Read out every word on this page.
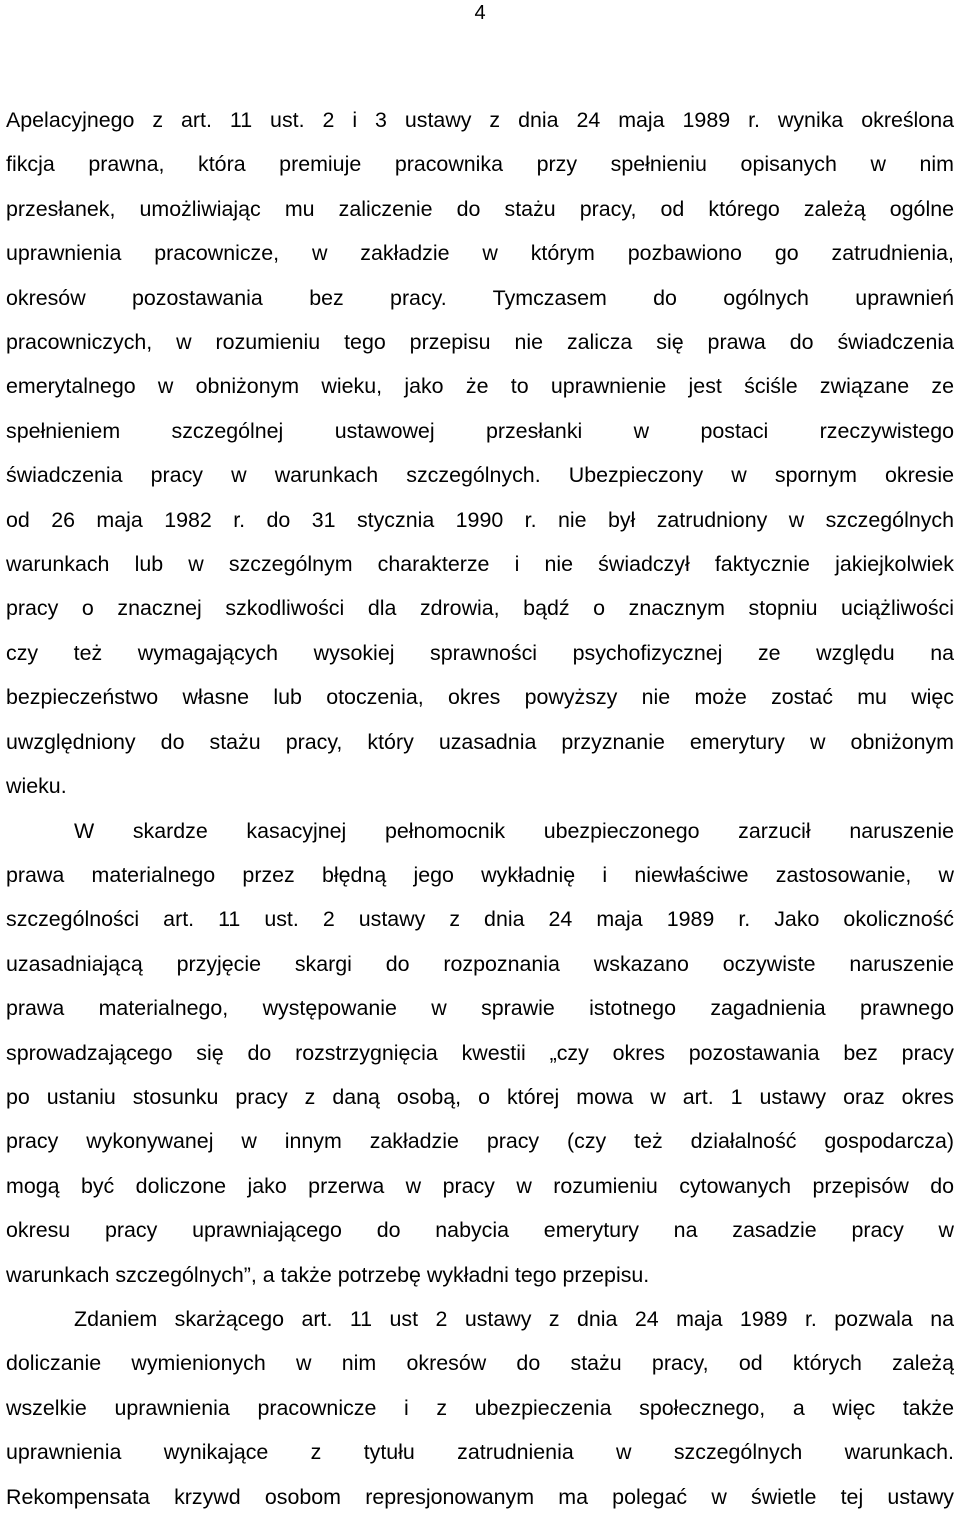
4

Apelacyjnego z art. 11 ust. 2 i 3 ustawy z dnia 24 maja 1989 r. wynika określona

fikcja prawna, która premiuje pracownika przy spełnieniu opisanych w nim

przesłanek, umożliwiając mu zaliczenie do stażu pracy, od którego zależą ogólne

uprawnienia pracownicze, w zakładzie w którym pozbawiono go zatrudnienia,

okresów pozostawania bez pracy. Tymczasem do ogólnych uprawnień

pracowniczych, w rozumieniu tego przepisu nie zalicza się prawa do świadczenia

emerytalnego w obniżonym wieku, jako że to uprawnienie jest ściśle związane ze

spełnieniem szczególnej ustawowej przesłanki w postaci rzeczywistego

świadczenia pracy w warunkach szczególnych. Ubezpieczony w spornym okresie

od 26 maja 1982 r. do 31 stycznia 1990 r. nie był zatrudniony w szczególnych

warunkach lub w szczególnym charakterze i nie świadczył faktycznie jakiejkolwiek

pracy o znacznej szkodliwości dla zdrowia, bądź o znacznym stopniu uciążliwości

czy też wymagających wysokiej sprawności psychofizycznej ze względu na

bezpieczeństwo własne lub otoczenia, okres powyższy nie może zostać mu więc

uwzględniony do stażu pracy, który uzasadnia przyznanie emerytury w obniżonym

wieku.

W skardze kasacyjnej pełnomocnik ubezpieczonego zarzucił naruszenie

prawa materialnego przez błędną jego wykładnię i niewłaściwe zastosowanie, w

szczególności art. 11 ust. 2 ustawy z dnia 24 maja 1989 r. Jako okoliczność

uzasadniającą przyjęcie skargi do rozpoznania wskazano oczywiste naruszenie

prawa materialnego, występowanie w sprawie istotnego zagadnienia prawnego

sprowadzającego się do rozstrzygnięcia kwestii „czy okres pozostawania bez pracy

po ustaniu stosunku pracy z daną osobą, o której mowa w art. 1 ustawy oraz okres

pracy wykonywanej w innym zakładzie pracy (czy też działalność gospodarcza)

mogą być doliczone jako przerwa w pracy w rozumieniu cytowanych przepisów do

okresu pracy uprawniającego do nabycia emerytury na zasadzie pracy w

warunkach szczególnych”, a także potrzebę wykładni tego przepisu.

Zdaniem skarżącego art. 11 ust 2 ustawy z dnia 24 maja 1989 r. pozwala na

doliczanie wymienionych w nim okresów do stażu pracy, od których zależą

wszelkie uprawnienia pracownicze i z ubezpieczenia społecznego, a więc także

uprawnienia wynikające z tytułu zatrudnienia w szczególnych warunkach.

Rekompensata krzywd osobom represjonowanym ma polegać w świetle tej ustawy
